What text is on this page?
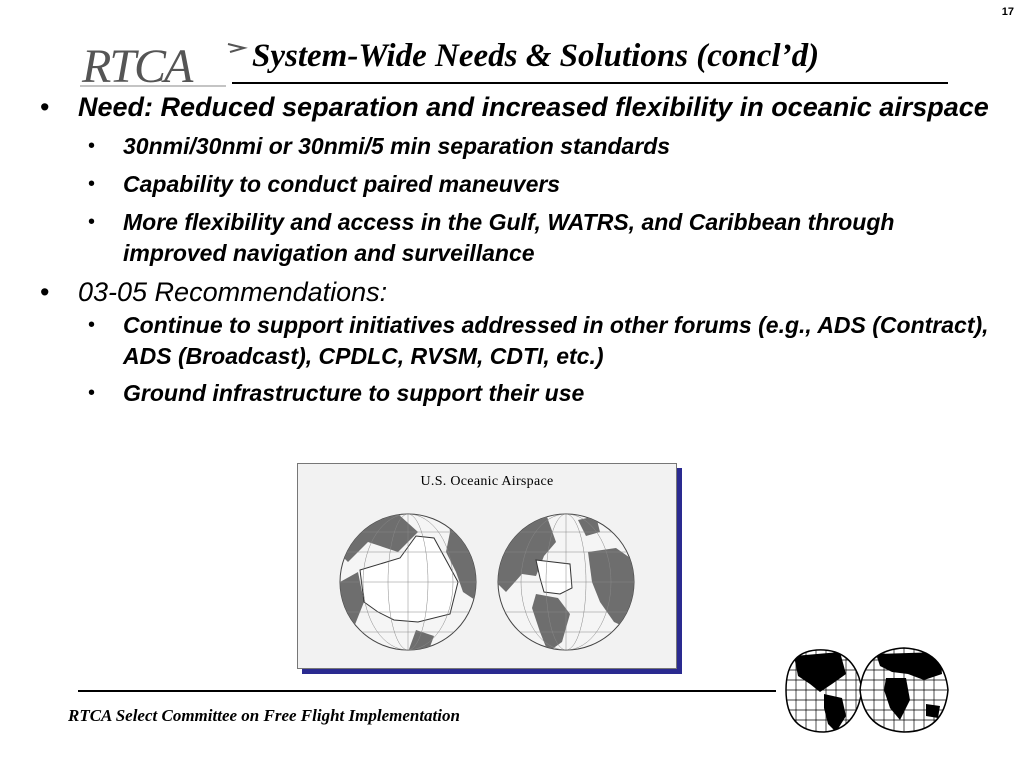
17
RTCA System-Wide Needs & Solutions (concl’d)
• Need: Reduced separation and increased flexibility in oceanic airspace
• 30nmi/30nmi or 30nmi/5 min separation standards
• Capability to conduct paired maneuvers
• More flexibility and access in the Gulf, WATRS, and Caribbean through improved navigation and surveillance
• 03-05 Recommendations:
• Continue to support initiatives addressed in other forums (e.g., ADS (Contract), ADS (Broadcast), CPDLC, RVSM, CDTI, etc.)
• Ground infrastructure to support their use
U.S. Oceanic Airspace
RTCA Select Committee on Free Flight Implementation
